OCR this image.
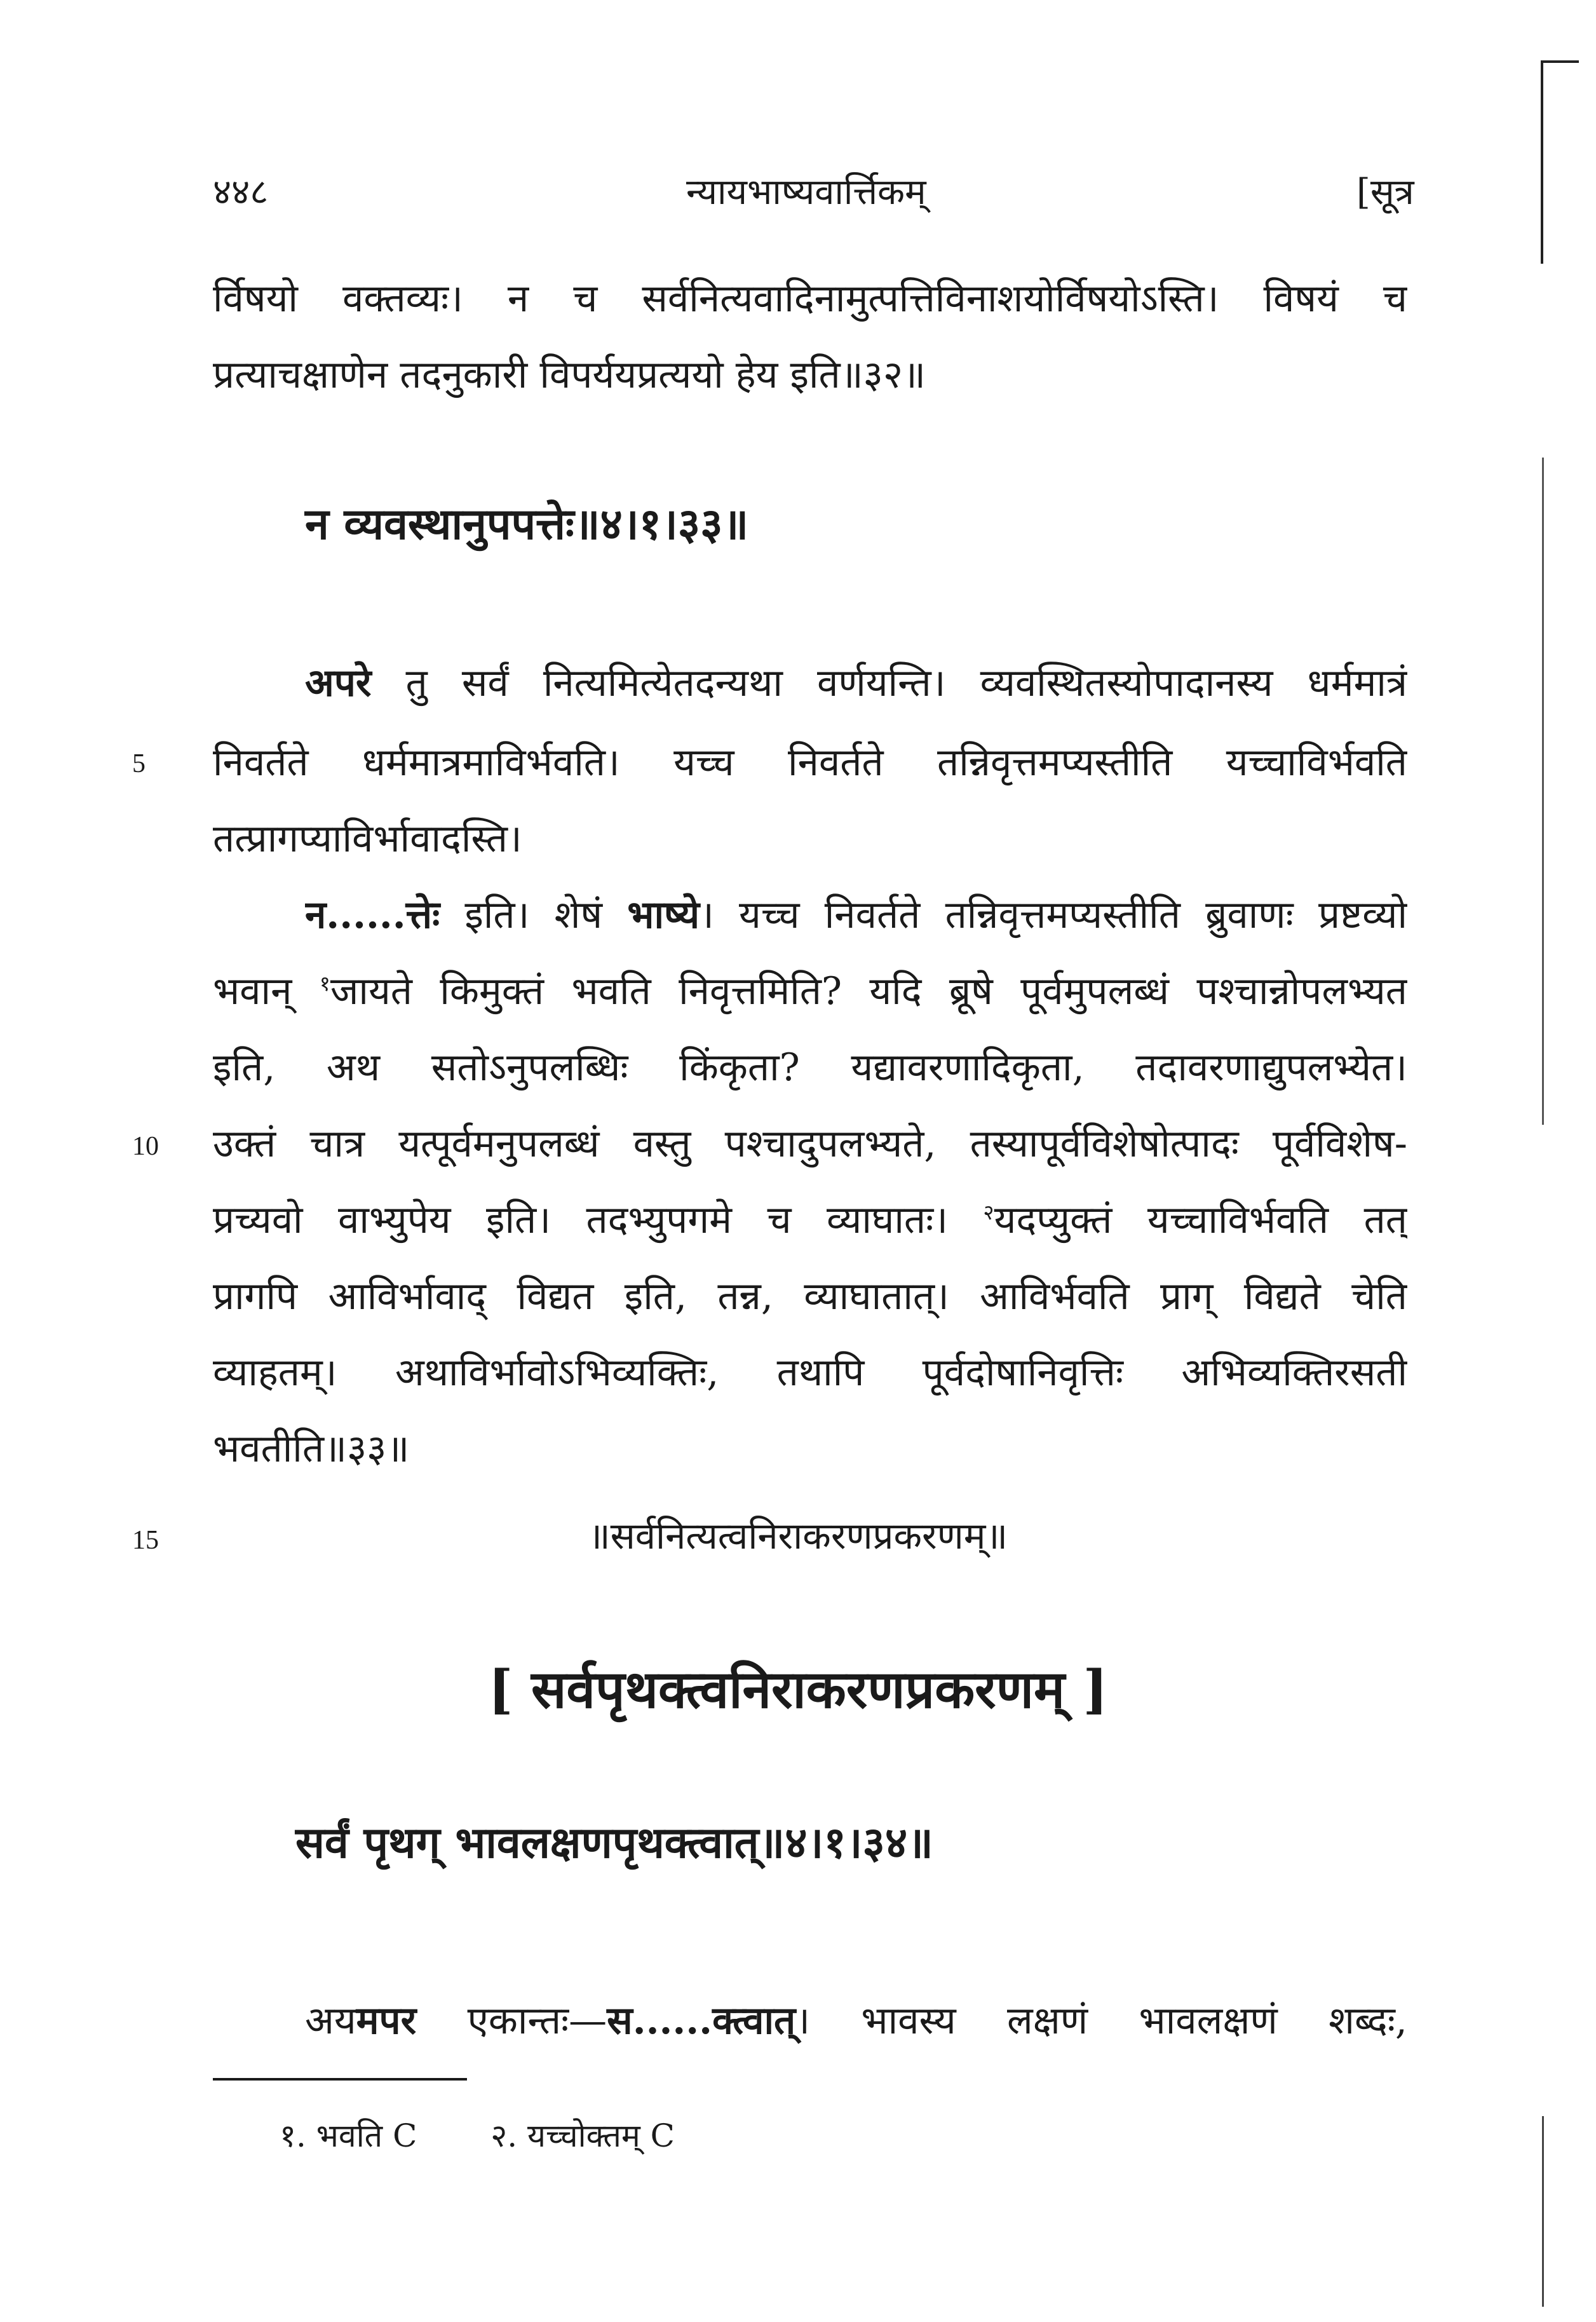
४४८	न्यायभाष्यवार्त्तिकम्	[सूत्र
र्विषयो वक्तव्यः। न च सर्वनित्यवादिनामुत्पत्तिविनाशयोर्विषयोऽस्ति। विषयं च
प्रत्याचक्षाणेन तदनुकारी विपर्ययप्रत्ययो हेय इति॥३२॥
न व्यवस्थानुपपत्तेः॥४।१।३३॥
अपरे तु सर्वं नित्यमित्येतदन्यथा वर्णयन्ति। व्यवस्थितस्योपादानस्य धर्ममात्रं
5 निवर्तते धर्ममात्रमाविर्भवति। यच्च निवर्तते तन्निवृत्तमप्यस्तीति यच्चाविर्भवति
तत्प्रागप्याविर्भावादस्ति।
न......त्तेः इति। शेषं भाष्ये। यच्च निवर्तते तन्निवृत्तमप्यस्तीति ब्रुवाणः प्रष्टव्यो
भवान् $^१$जायते किमुक्तं भवति निवृत्तमिति? यदि ब्रूषे पूर्वमुपलब्धं पश्चान्नोपलभ्यत
इति, अथ सतोऽनुपलब्धिः किंकृता? यद्यावरणादिकृता, तदावरणाद्युपलभ्येत।
10 उक्तं चात्र यत्पूर्वमनुपलब्धं वस्तु पश्चादुपलभ्यते, तस्यापूर्वविशेषोत्पादः पूर्वविशेष-
प्रच्यवो वाभ्युपेय इति। तदभ्युपगमे च व्याघातः। $^२$यदप्युक्तं यच्चाविर्भवति तत्
प्रागपि आविर्भावाद् विद्यत इति, तन्न, व्याघातात्। आविर्भवति प्राग् विद्यते चेति
व्याहतम्। अथाविर्भावोऽभिव्यक्तिः, तथापि पूर्वदोषानिवृत्तिः अभिव्यक्तिरसती
भवतीति॥३३॥
15	॥सर्वनित्यत्वनिराकरणप्रकरणम्॥
[ सर्वपृथक्त्वनिराकरणप्रकरणम् ]
सर्वं पृथग् भावलक्षणपृथक्त्वात्॥४।१।३४॥
अयमपर एकान्तः—स......क्त्वात्। भावस्य लक्षणं भावलक्षणं शब्दः,
१. भवति C २. यच्चोक्तम् C
